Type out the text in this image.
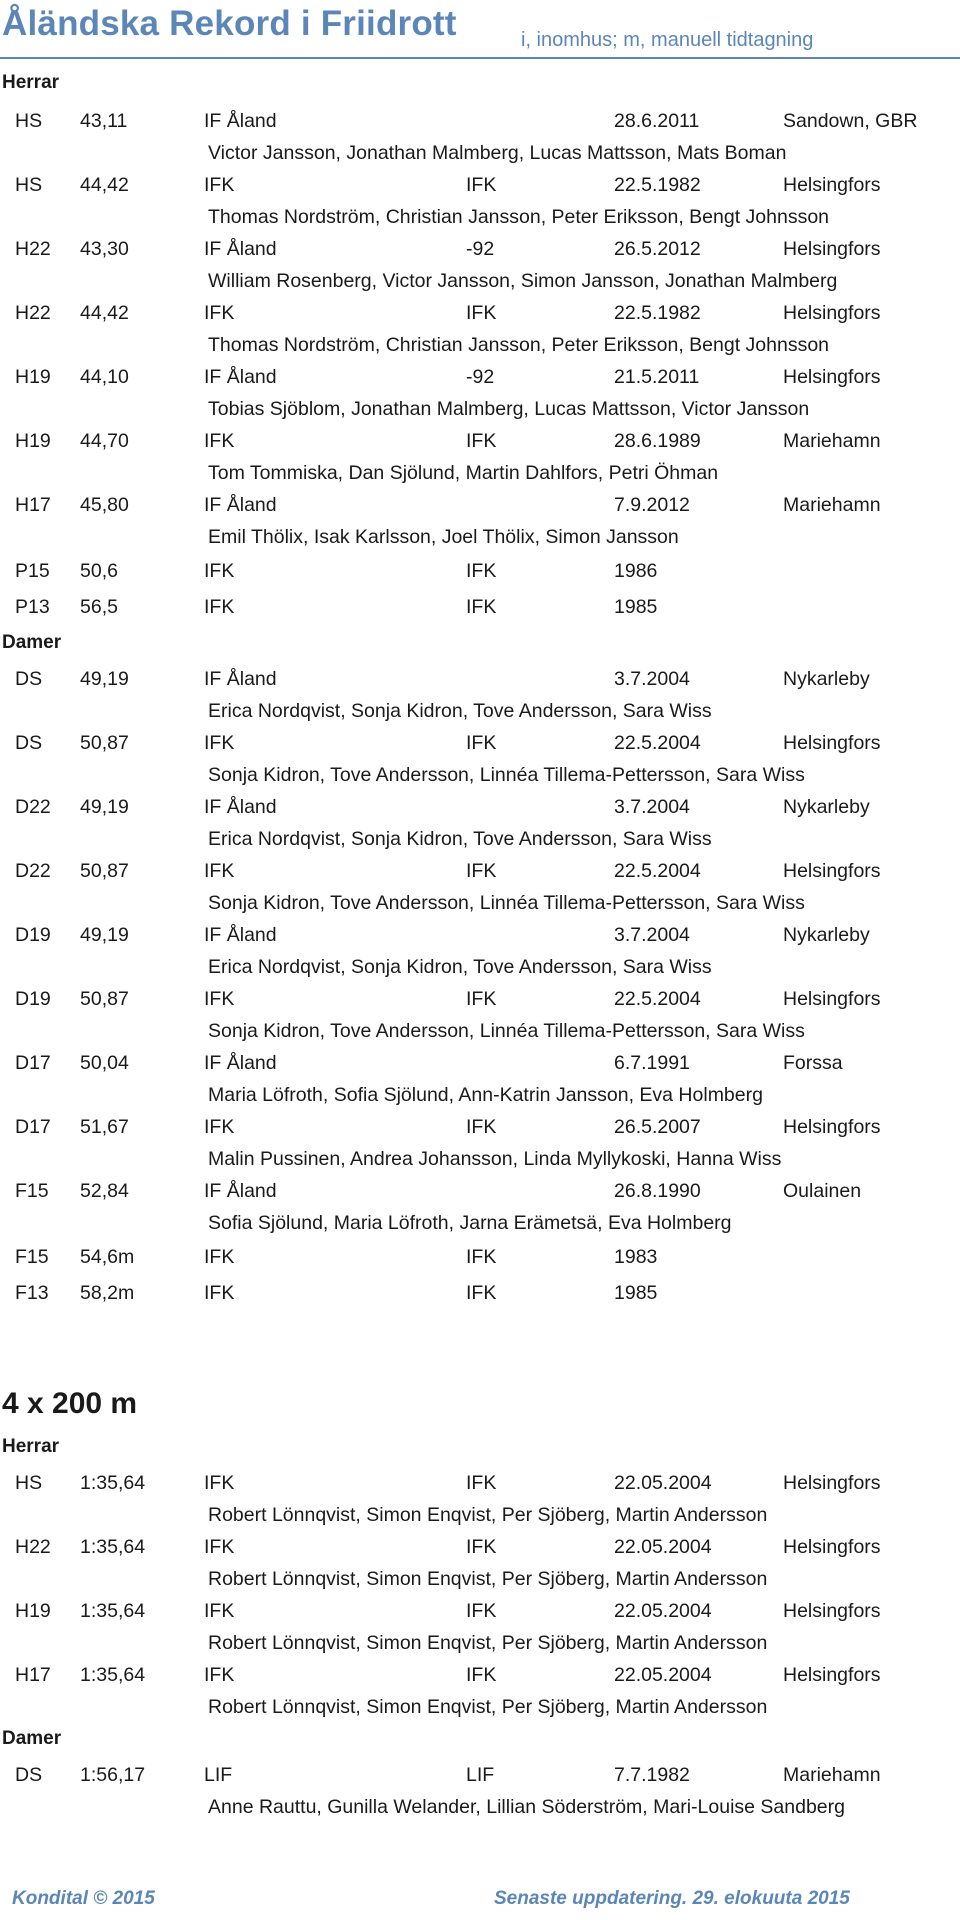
Åländska Rekord i Friidrott	i, inomhus; m, manuell tidtagning
Herrar
HS 43,11	IF Åland	28.6.2011	Sandown, GBR
Victor Jansson, Jonathan Malmberg, Lucas Mattsson, Mats Boman
HS 44,42	IFK	IFK	22.5.1982	Helsingfors
Thomas Nordström, Christian Jansson, Peter Eriksson, Bengt Johnsson
H22 43,30	IF Åland	-92	26.5.2012	Helsingfors
William Rosenberg, Victor Jansson, Simon Jansson, Jonathan Malmberg
H22 44,42	IFK	IFK	22.5.1982	Helsingfors
Thomas Nordström, Christian Jansson, Peter Eriksson, Bengt Johnsson
H19 44,10	IF Åland	-92	21.5.2011	Helsingfors
Tobias Sjöblom, Jonathan Malmberg, Lucas Mattsson, Victor Jansson
H19 44,70	IFK	IFK	28.6.1989	Mariehamn
Tom Tommiska, Dan Sjölund, Martin Dahlfors, Petri Öhman
H17 45,80	IF Åland	7.9.2012	Mariehamn
Emil Thölix, Isak Karlsson, Joel Thölix, Simon Jansson
P15 50,6	IFK	IFK	1986
P13 56,5	IFK	IFK	1985
Damer
DS 49,19	IF Åland	3.7.2004	Nykarleby
Erica Nordqvist, Sonja Kidron, Tove Andersson, Sara Wiss
DS 50,87	IFK	IFK	22.5.2004	Helsingfors
Sonja Kidron, Tove Andersson, Linnéa Tillema-Pettersson, Sara Wiss
D22 49,19	IF Åland	3.7.2004	Nykarleby
Erica Nordqvist, Sonja Kidron, Tove Andersson, Sara Wiss
D22 50,87	IFK	IFK	22.5.2004	Helsingfors
Sonja Kidron, Tove Andersson, Linnéa Tillema-Pettersson, Sara Wiss
D19 49,19	IF Åland	3.7.2004	Nykarleby
Erica Nordqvist, Sonja Kidron, Tove Andersson, Sara Wiss
D19 50,87	IFK	IFK	22.5.2004	Helsingfors
Sonja Kidron, Tove Andersson, Linnéa Tillema-Pettersson, Sara Wiss
D17 50,04	IF Åland	6.7.1991	Forssa
Maria Löfroth, Sofia Sjölund, Ann-Katrin Jansson, Eva Holmberg
D17 51,67	IFK	IFK	26.5.2007	Helsingfors
Malin Pussinen, Andrea Johansson, Linda Myllykoski, Hanna Wiss
F15 52,84	IF Åland	26.8.1990	Oulainen
Sofia Sjölund, Maria Löfroth, Jarna Erämetsä, Eva Holmberg
F15 54,6m	IFK	IFK	1983
F13 58,2m	IFK	IFK	1985
4 x 200 m
Herrar
HS 1:35,64	IFK	IFK	22.05.2004	Helsingfors
Robert Lönnqvist, Simon Enqvist, Per Sjöberg, Martin Andersson
H22 1:35,64	IFK	IFK	22.05.2004	Helsingfors
Robert Lönnqvist, Simon Enqvist, Per Sjöberg, Martin Andersson
H19 1:35,64	IFK	IFK	22.05.2004	Helsingfors
Robert Lönnqvist, Simon Enqvist, Per Sjöberg, Martin Andersson
H17 1:35,64	IFK	IFK	22.05.2004	Helsingfors
Robert Lönnqvist, Simon Enqvist, Per Sjöberg, Martin Andersson
Damer
DS 1:56,17	LIF	LIF	7.7.1982	Mariehamn
Anne Rauttu, Gunilla Welander, Lillian Söderström, Mari-Louise Sandberg
Kondital © 2015	Senaste uppdatering. 29. elokuuta 2015
